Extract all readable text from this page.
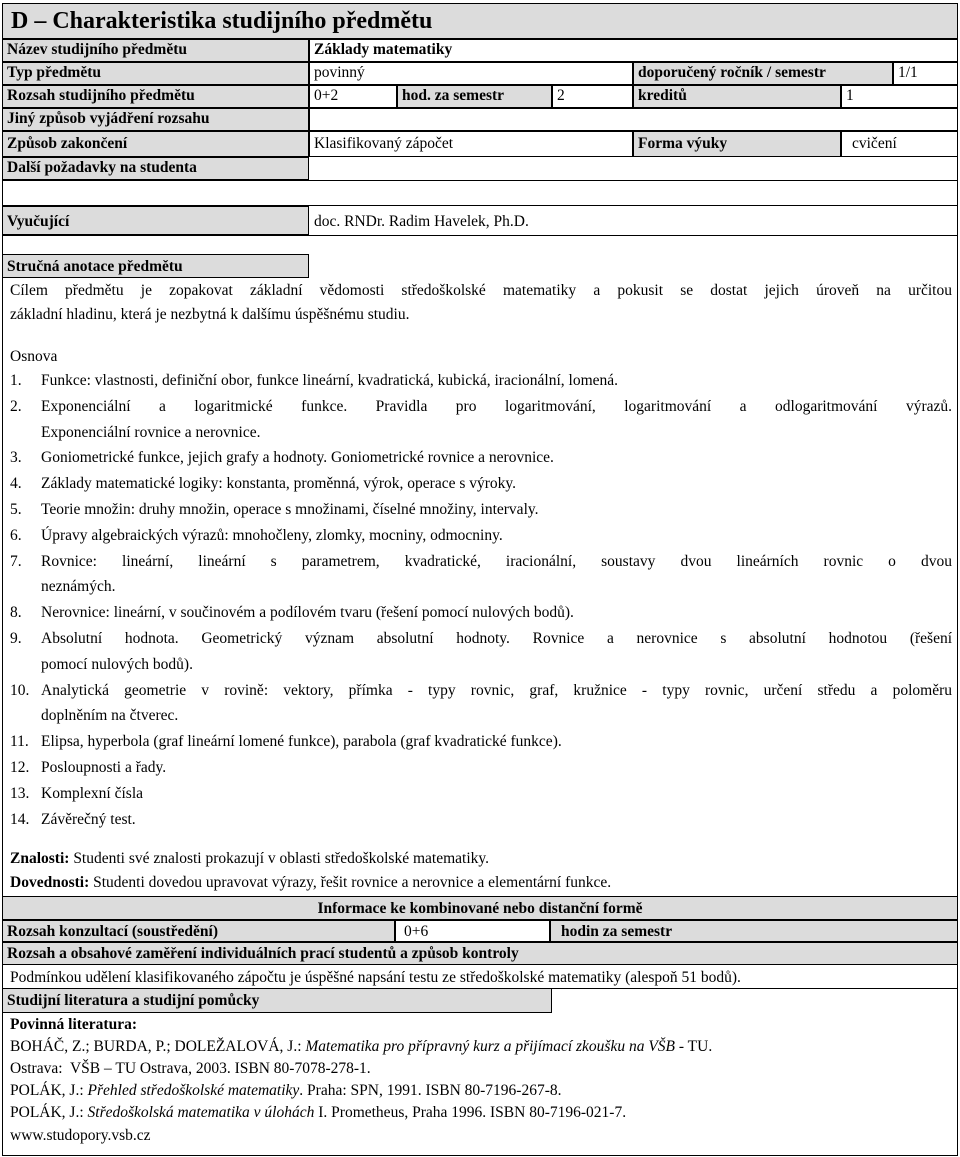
D – Charakteristika studijního předmětu
Název studijního předmětu	Základy matematiky
Typ předmětu	povinný	doporučený ročník / semestr	1/1
Rozsah studijního předmětu	0+2	hod. za semestr	2	kreditů	1
Jiný způsob vyjádření rozsahu
Způsob zakončení	Klasifikovaný zápočet	Forma výuky	cvičení
Další požadavky na studenta
Vyučující	doc. RNDr. Radim Havelek, Ph.D.
Stručná anotace předmětu
Cílem předmětu je zopakovat základní vědomosti středoškolské matematiky a pokusit se dostat jejich úroveň na určitou
základní hladinu, která je nezbytná k dalšímu úspěšnému studiu.
Osnova
1.	Funkce: vlastnosti, definiční obor, funkce lineární, kvadratická, kubická, iracionální, lomená.
2.	Exponenciální a logaritmické funkce. Pravidla pro logaritmování, logaritmování a odlogaritmování výrazů.
Exponenciální rovnice a nerovnice.
3.	Goniometrické funkce, jejich grafy a hodnoty. Goniometrické rovnice a nerovnice.
4.	Základy matematické logiky: konstanta, proměnná, výrok, operace s výroky.
5.	Teorie množin: druhy množin, operace s množinami, číselné množiny, intervaly.
6.	Úpravy algebraických výrazů: mnohočleny, zlomky, mocniny, odmocniny.
7.	Rovnice: lineární, lineární s parametrem, kvadratické, iracionální, soustavy dvou lineárních rovnic o dvou
neznámých.
8.	Nerovnice: lineární, v součinovém a podílovém tvaru (řešení pomocí nulových bodů).
9.	Absolutní hodnota. Geometrický význam absolutní hodnoty. Rovnice a nerovnice s absolutní hodnotou (řešení
pomocí nulových bodů).
10. Analytická geometrie v rovině: vektory, přímka - typy rovnic, graf, kružnice - typy rovnic, určení středu a poloměru
doplněním na čtverec.
11. Elipsa, hyperbola (graf lineární lomené funkce), parabola (graf kvadratické funkce).
12. Posloupnosti a řady.
13. Komplexní čísla
14. Závěrečný test.
Znalosti: Studenti své znalosti prokazují v oblasti středoškolské matematiky.
Dovednosti: Studenti dovedou upravovat výrazy, řešit rovnice a nerovnice a elementární funkce.
Informace ke kombinované nebo distanční formě
Rozsah konzultací (soustředění)	0+6	hodin za semestr
Rozsah a obsahové zaměření individuálních prací studentů a způsob kontroly
Podmínkou udělení klasifikovaného zápočtu je úspěšné napsání testu ze středoškolské matematiky (alespoň 51 bodů).
Studijní literatura a studijní pomůcky
Povinná literatura:
BOHÁČ, Z.; BURDA, P.; DOLEŽALOVÁ, J.: Matematika pro přípravný kurz a přijímací zkoušku na VŠB - TU.
Ostrava:  VŠB – TU Ostrava, 2003. ISBN 80-7078-278-1.
POLÁK, J.: Přehled středoškolské matematiky. Praha: SPN, 1991. ISBN 80-7196-267-8.
POLÁK, J.: Středoškolská matematika v úlohách I. Prometheus, Praha 1996. ISBN 80-7196-021-7.
www.studopory.vsb.cz
